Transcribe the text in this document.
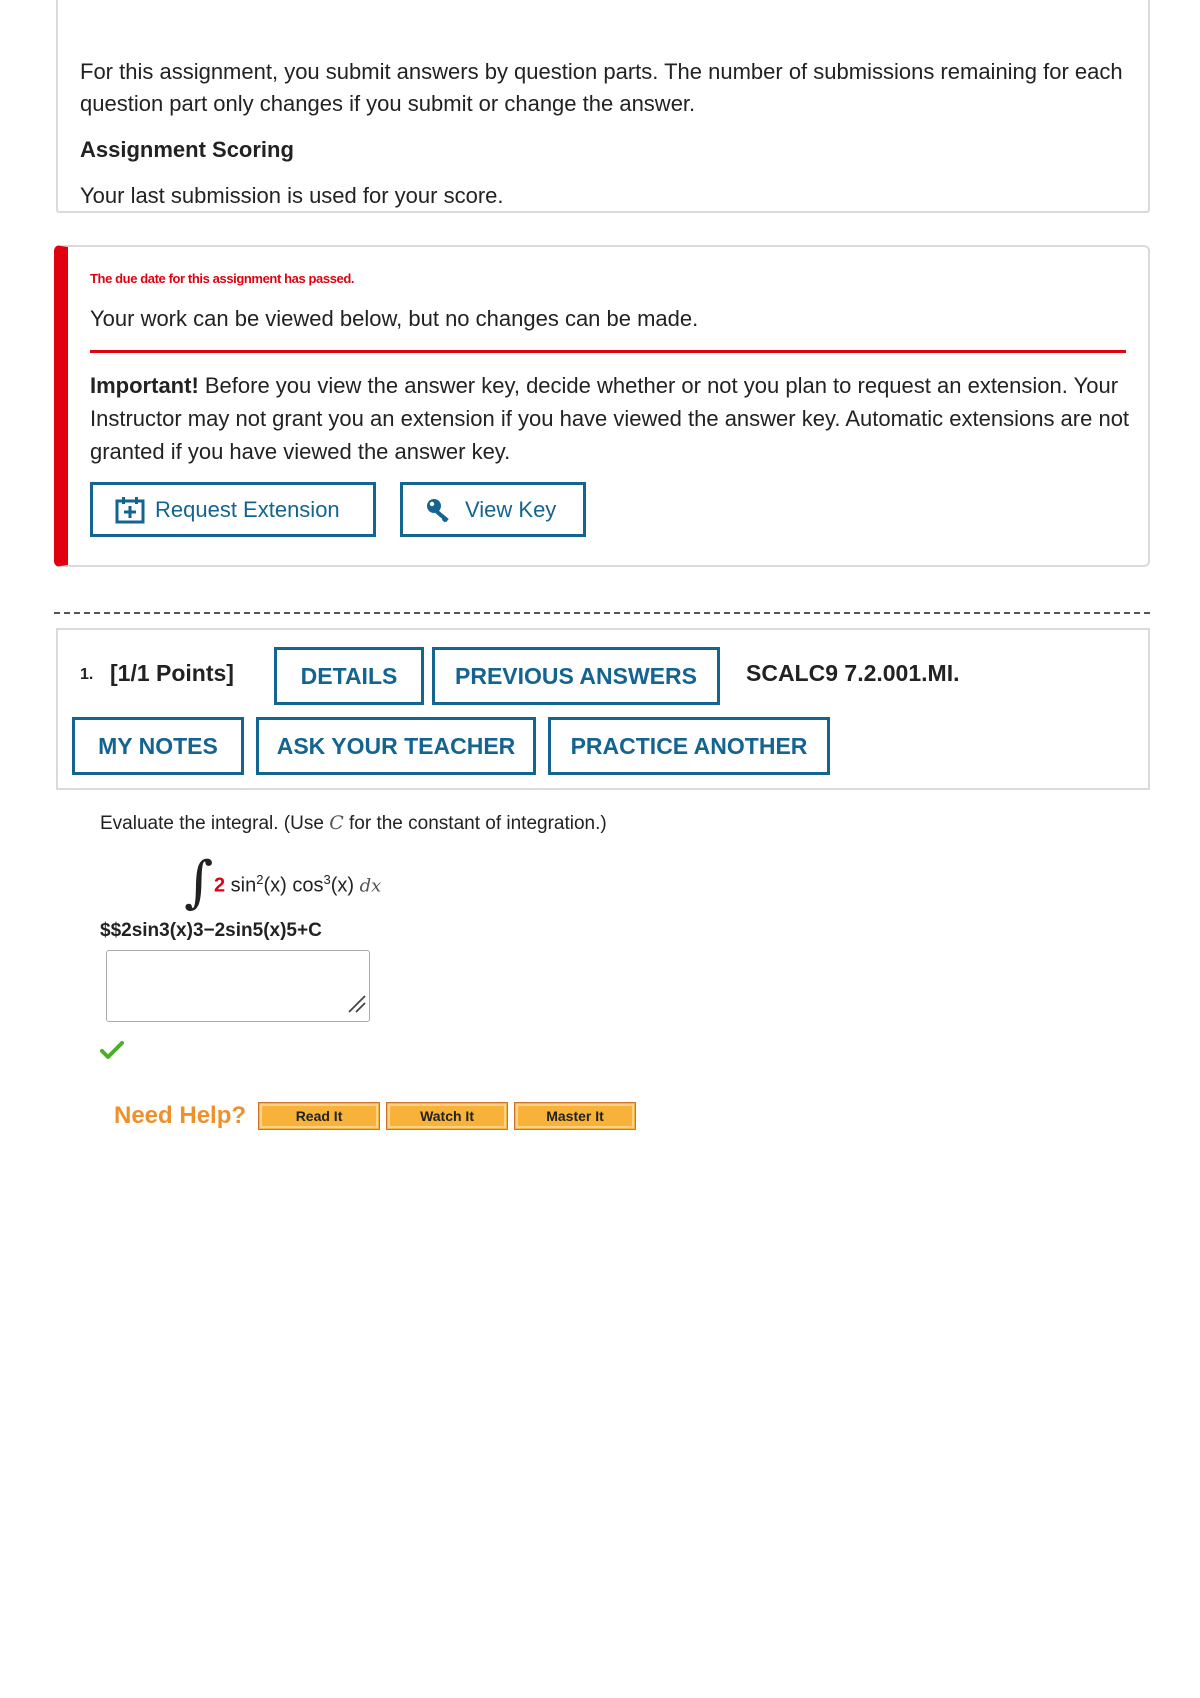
For this assignment, you submit answers by question parts. The number of submissions remaining for each question part only changes if you submit or change the answer.

Assignment Scoring

Your last submission is used for your score.

The due date for this assignment has passed.
Your work can be viewed below, but no changes can be made.
Important! Before you view the answer key, decide whether or not you plan to request an extension. Your Instructor may not grant you an extension if you have viewed the answer key. Automatic extensions are not granted if you have viewed the answer key.
Request Extension	View Key
1. [1/1 Points]	DETAILS	PREVIOUS ANSWERS	SCALC9 7.2.001.MI.
MY NOTES	ASK YOUR TEACHER	PRACTICE ANOTHER
Evaluate the integral. (Use C for the constant of integration.)
∫ 2 $\sin^2(x)$ $\cos^3(x)$ dx
$$2sin3(x)3−2sin5(x)5+C
Need Help?	Read It	Watch It	Master It
